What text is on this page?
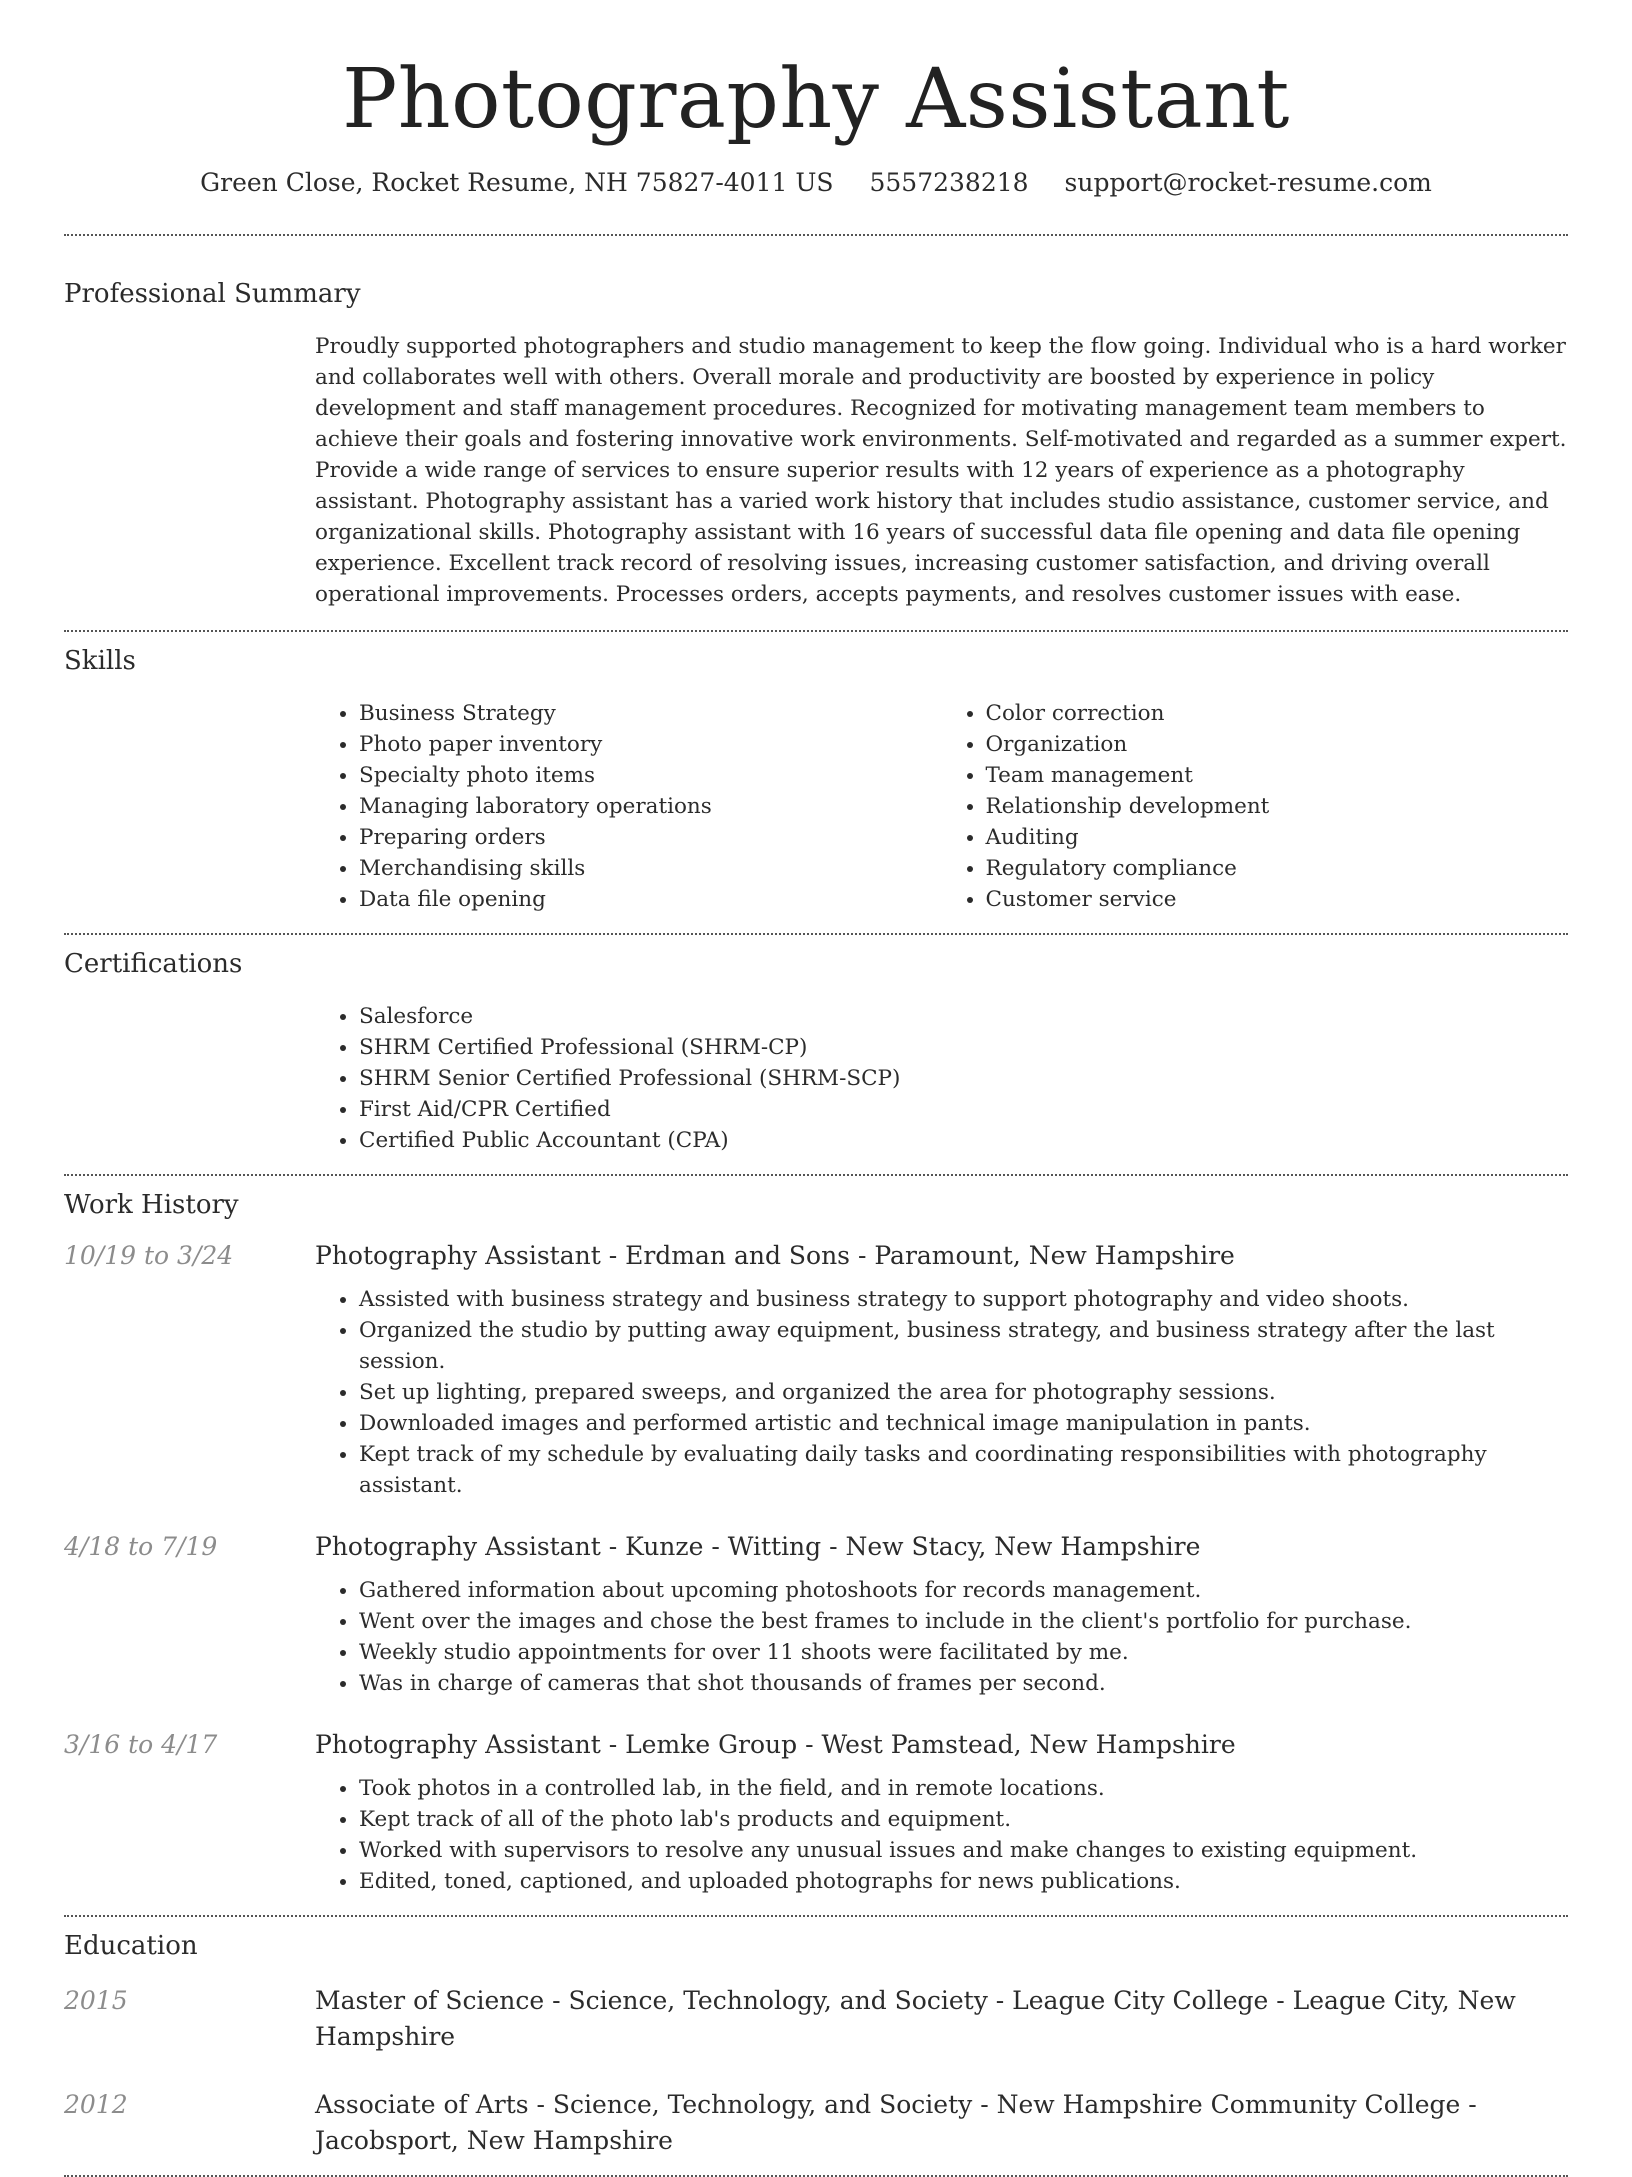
Photography Assistant
Green Close, Rocket Resume, NH 75827-4011 US 5557238218 support@rocket-resume.com
Professional Summary
Proudly supported photographers and studio management to keep the flow going. Individual who is a hard worker and collaborates well with others. Overall morale and productivity are boosted by experience in policy development and staff management procedures. Recognized for motivating management team members to achieve their goals and fostering innovative work environments. Self-motivated and regarded as a summer expert. Provide a wide range of services to ensure superior results with 12 years of experience as a photography assistant. Photography assistant has a varied work history that includes studio assistance, customer service, and organizational skills. Photography assistant with 16 years of successful data file opening and data file opening experience. Excellent track record of resolving issues, increasing customer satisfaction, and driving overall operational improvements. Processes orders, accepts payments, and resolves customer issues with ease.
Skills
• Business Strategy
• Photo paper inventory
• Specialty photo items
• Managing laboratory operations
• Preparing orders
• Merchandising skills
• Data file opening
• Color correction
• Organization
• Team management
• Relationship development
• Auditing
• Regulatory compliance
• Customer service
Certifications
• Salesforce
• SHRM Certified Professional (SHRM-CP)
• SHRM Senior Certified Professional (SHRM-SCP)
• First Aid/CPR Certified
• Certified Public Accountant (CPA)
Work History
10/19 to 3/24	Photography Assistant - Erdman and Sons - Paramount, New Hampshire
• Assisted with business strategy and business strategy to support photography and video shoots.
• Organized the studio by putting away equipment, business strategy, and business strategy after the last session.
• Set up lighting, prepared sweeps, and organized the area for photography sessions.
• Downloaded images and performed artistic and technical image manipulation in pants.
• Kept track of my schedule by evaluating daily tasks and coordinating responsibilities with photography assistant.
4/18 to 7/19	Photography Assistant - Kunze - Witting - New Stacy, New Hampshire
• Gathered information about upcoming photoshoots for records management.
• Went over the images and chose the best frames to include in the client's portfolio for purchase.
• Weekly studio appointments for over 11 shoots were facilitated by me.
• Was in charge of cameras that shot thousands of frames per second.
3/16 to 4/17	Photography Assistant - Lemke Group - West Pamstead, New Hampshire
• Took photos in a controlled lab, in the field, and in remote locations.
• Kept track of all of the photo lab's products and equipment.
• Worked with supervisors to resolve any unusual issues and make changes to existing equipment.
• Edited, toned, captioned, and uploaded photographs for news publications.
Education
2015	Master of Science - Science, Technology, and Society - League City College - League City, New Hampshire
2012	Associate of Arts - Science, Technology, and Society - New Hampshire Community College - Jacobsport, New Hampshire
